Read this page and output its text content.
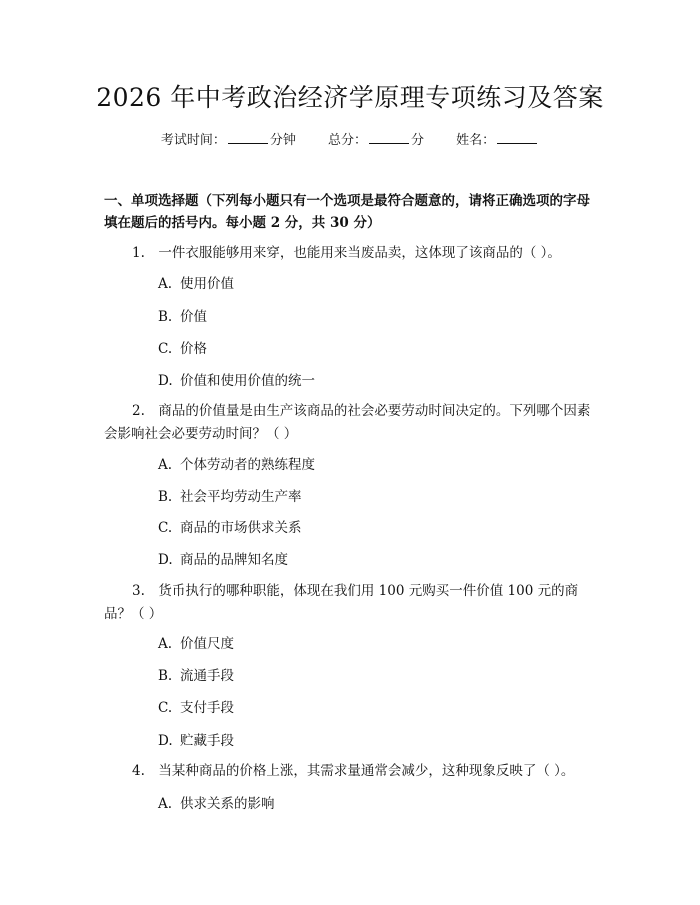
2026 年中考政治经济学原理专项练习及答案
考试时间：	分钟 总分：	分 姓名：
一、单项选择题（下列每小题只有一个选项是最符合题意的，请将正确选项的字母填在题后的括号内。每小题 2 分，共 30 分）
1.　一件衣服能够用来穿，也能用来当废品卖，这体现了该商品的（ ）。
A. 使用价值
B. 价值
C. 价格
D. 价值和使用价值的统一
2.　商品的价值量是由生产该商品的社会必要劳动时间决定的。下列哪个因素会影响社会必要劳动时间？（ ）
A. 个体劳动者的熟练程度
B. 社会平均劳动生产率
C. 商品的市场供求关系
D. 商品的品牌知名度
3.　货币执行的哪种职能，体现在我们用 100 元购买一件价值 100 元的商品？（ ）
A. 价值尺度
B. 流通手段
C. 支付手段
D. 贮藏手段
4.　当某种商品的价格上涨，其需求量通常会减少，这种现象反映了（ ）。
A. 供求关系的影响
